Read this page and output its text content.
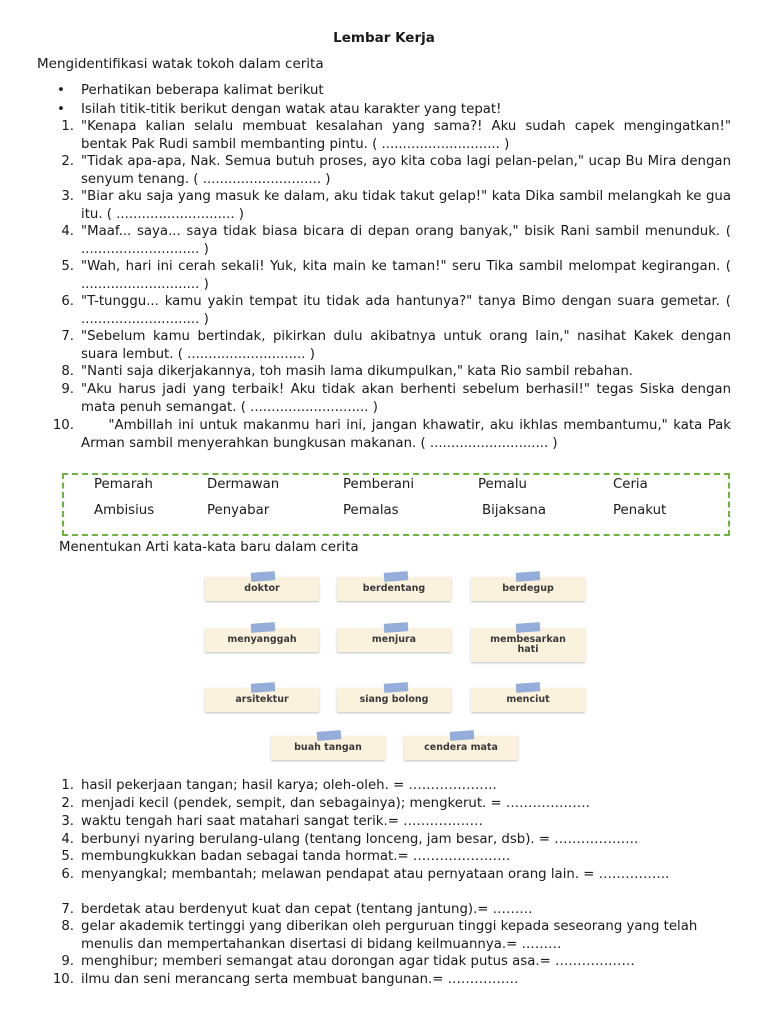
Lembar Kerja
Mengidentifikasi watak tokoh dalam cerita
• Perhatikan beberapa kalimat berikut
• Isilah titik-titik berikut dengan watak atau karakter yang tepat!
1. "Kenapa kalian selalu membuat kesalahan yang sama?! Aku sudah capek mengingatkan!" bentak Pak Rudi sambil membanting pintu. ( ............................ )
2. "Tidak apa-apa, Nak. Semua butuh proses, ayo kita coba lagi pelan-pelan," ucap Bu Mira dengan senyum tenang. ( ............................ )
3. "Biar aku saja yang masuk ke dalam, aku tidak takut gelap!" kata Dika sambil melangkah ke gua itu. ( ............................ )
4. "Maaf... saya... saya tidak biasa bicara di depan orang banyak," bisik Rani sambil menunduk. ( ............................ )
5. "Wah, hari ini cerah sekali! Yuk, kita main ke taman!" seru Tika sambil melompat kegirangan. ( ............................ )
6. "T-tunggu... kamu yakin tempat itu tidak ada hantunya?" tanya Bimo dengan suara gemetar. ( ............................ )
7. "Sebelum kamu bertindak, pikirkan dulu akibatnya untuk orang lain," nasihat Kakek dengan suara lembut. ( ............................ )
8. "Nanti saja dikerjakannya, toh masih lama dikumpulkan," kata Rio sambil rebahan.
9. "Aku harus jadi yang terbaik! Aku tidak akan berhenti sebelum berhasil!" tegas Siska dengan mata penuh semangat. ( ............................ )
10. "Ambillah ini untuk makanmu hari ini, jangan khawatir, aku ikhlas membantumu," kata Pak Arman sambil menyerahkan bungkusan makanan. ( ............................ )
Pemarah	Dermawan	Pemberani	Pemalu	Ceria
Ambisius	Penyabar	Pemalas	Bijaksana	Penakut
Menentukan Arti kata-kata baru dalam cerita
doktor	berdentang	berdegup
menyanggah	menjura	membesarkan hati
arsitektur	siang bolong	menciut
buah tangan	cendera mata
1. hasil pekerjaan tangan; hasil karya; oleh-oleh. = ………………..
2. menjadi kecil (pendek, sempit, dan sebagainya); mengkerut. = ……………….
3. waktu tengah hari saat matahari sangat terik.= ………………
4. berbunyi nyaring berulang-ulang (tentang lonceng, jam besar, dsb). = ……………….
5. membungkukkan badan sebagai tanda hormat.= ………………….
6. menyangkal; membantah; melawan pendapat atau pernyataan orang lain. = …………….
7. berdetak atau berdenyut kuat dan cepat (tentang jantung).= ………
8. gelar akademik tertinggi yang diberikan oleh perguruan tinggi kepada seseorang yang telah menulis dan mempertahankan disertasi di bidang keilmuannya.= ………
9. menghibur; memberi semangat atau dorongan agar tidak putus asa.= ………………
10. ilmu dan seni merancang serta membuat bangunan.= …………….
